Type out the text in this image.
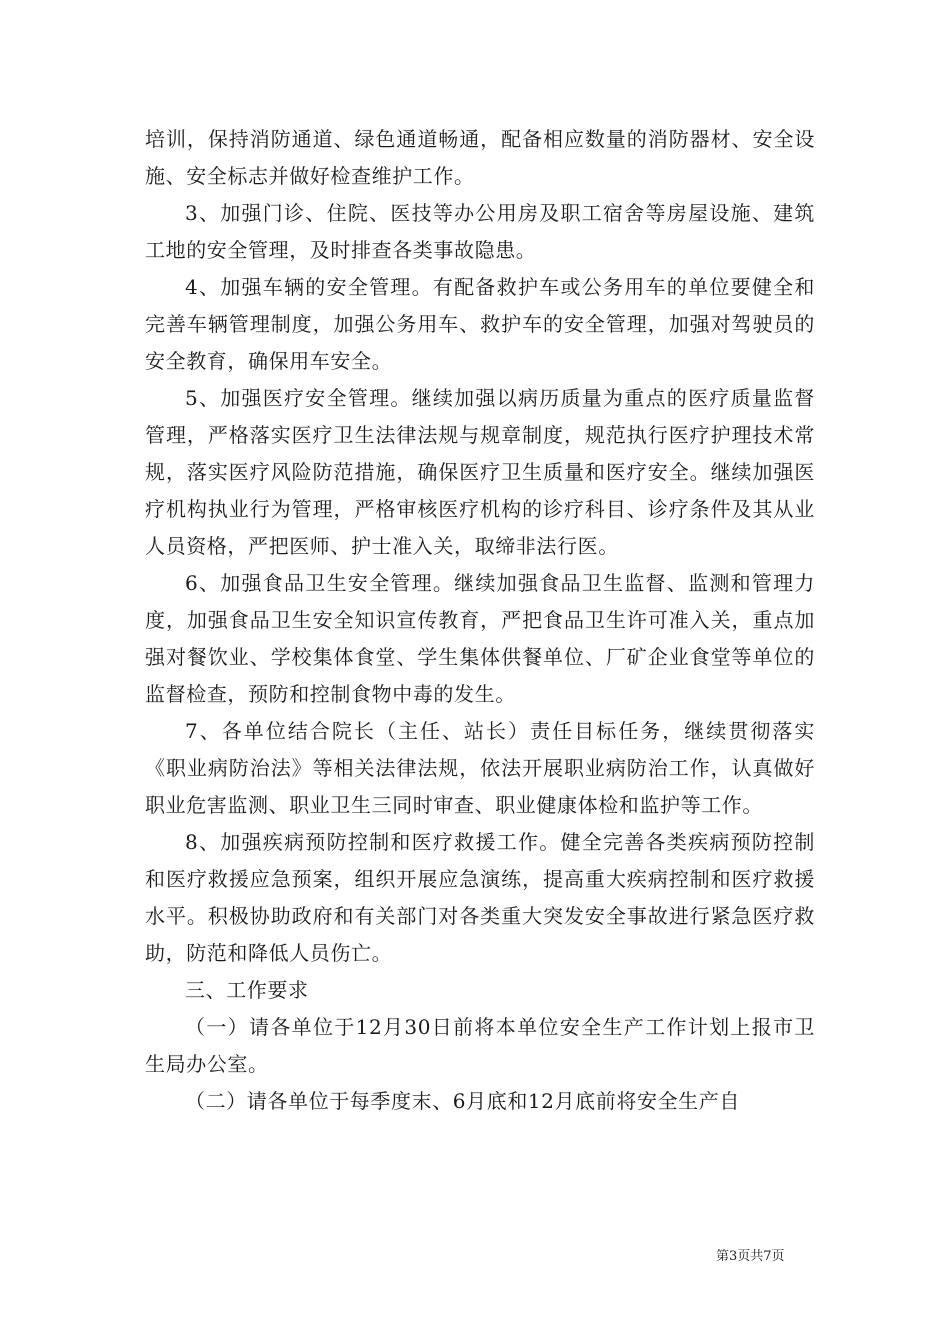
培训，保持消防通道、绿色通道畅通，配备相应数量的消防器材、安全设施、安全标志并做好检查维护工作。

3、加强门诊、住院、医技等办公用房及职工宿舍等房屋设施、建筑工地的安全管理，及时排查各类事故隐患。

4、加强车辆的安全管理。有配备救护车或公务用车的单位要健全和完善车辆管理制度，加强公务用车、救护车的安全管理，加强对驾驶员的安全教育，确保用车安全。

5、加强医疗安全管理。继续加强以病历质量为重点的医疗质量监督管理，严格落实医疗卫生法律法规与规章制度，规范执行医疗护理技术常规，落实医疗风险防范措施，确保医疗卫生质量和医疗安全。继续加强医疗机构执业行为管理，严格审核医疗机构的诊疗科目、诊疗条件及其从业人员资格，严把医师、护士准入关，取缔非法行医。

6、加强食品卫生安全管理。继续加强食品卫生监督、监测和管理力度，加强食品卫生安全知识宣传教育，严把食品卫生许可准入关，重点加强对餐饮业、学校集体食堂、学生集体供餐单位、厂矿企业食堂等单位的监督检查，预防和控制食物中毒的发生。

7、各单位结合院长（主任、站长）责任目标任务，继续贯彻落实《职业病防治法》等相关法律法规，依法开展职业病防治工作，认真做好职业危害监测、职业卫生三同时审查、职业健康体检和监护等工作。

8、加强疾病预防控制和医疗救援工作。健全完善各类疾病预防控制和医疗救援应急预案，组织开展应急演练，提高重大疾病控制和医疗救援水平。积极协助政府和有关部门对各类重大突发安全事故进行紧急医疗救助，防范和降低人员伤亡。

三、工作要求

（一）请各单位于12月30日前将本单位安全生产工作计划上报市卫生局办公室。

（二）请各单位于每季度末、6月底和12月底前将安全生产自

第3页共7页
